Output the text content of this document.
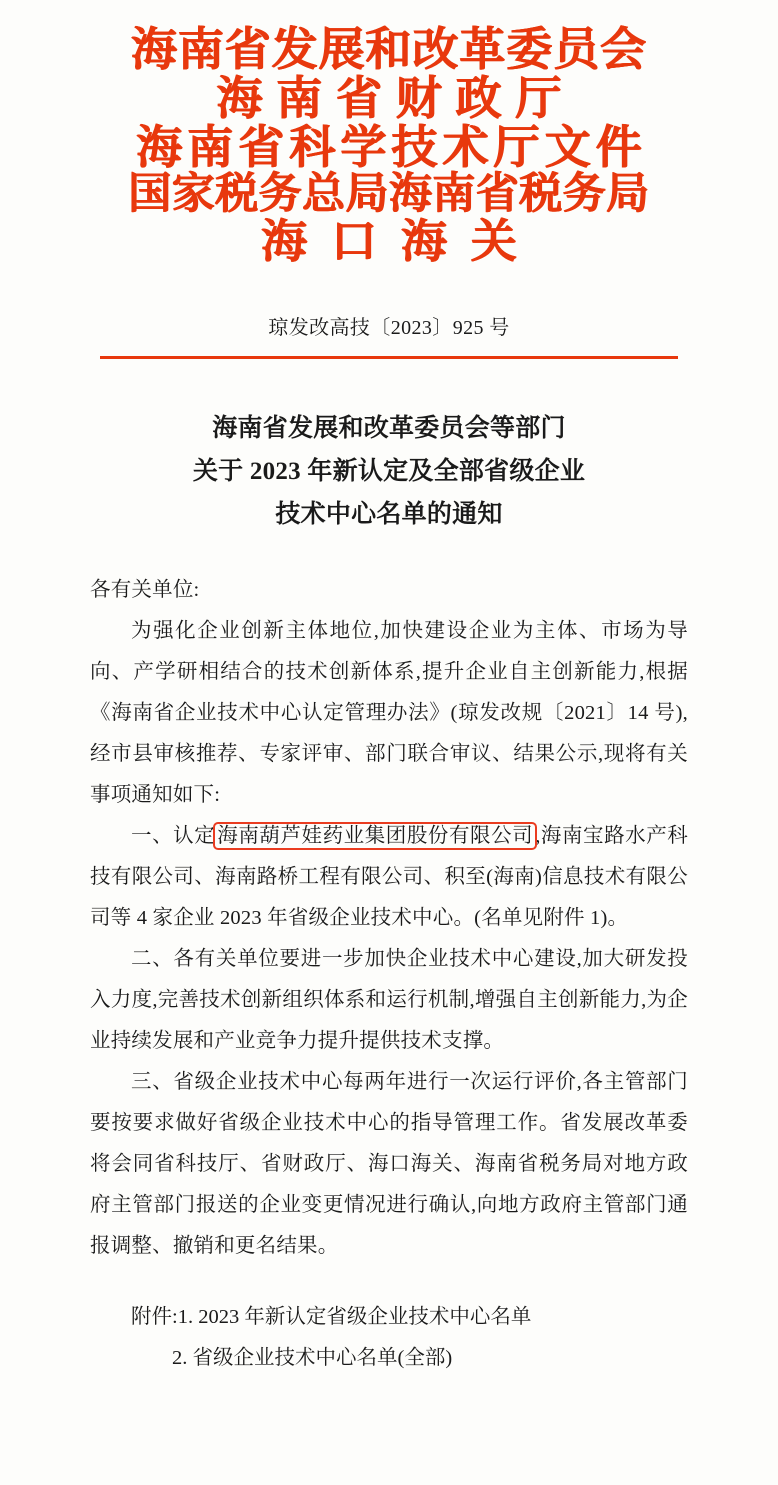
海南省发展和改革委员会
海南省财政厅
海南省科学技术厅文件
国家税务总局海南省税务局
海口海关
琼发改高技〔2023〕925 号
海南省发展和改革委员会等部门
关于 2023 年新认定及全部省级企业
技术中心名单的通知

各有关单位:

为强化企业创新主体地位,加快建设企业为主体、市场为导向、产学研相结合的技术创新体系,提升企业自主创新能力,根据《海南省企业技术中心认定管理办法》(琼发改规〔2021〕14 号),经市县审核推荐、专家评审、部门联合审议、结果公示,现将有关事项通知如下:

一、认定海南葫芦娃药业集团股份有限公司,海南宝路水产科技有限公司、海南路桥工程有限公司、积至(海南)信息技术有限公司等 4 家企业 2023 年省级企业技术中心。(名单见附件 1)。

二、各有关单位要进一步加快企业技术中心建设,加大研发投入力度,完善技术创新组织体系和运行机制,增强自主创新能力,为企业持续发展和产业竞争力提升提供技术支撑。

三、省级企业技术中心每两年进行一次运行评价,各主管部门要按要求做好省级企业技术中心的指导管理工作。省发展改革委将会同省科技厅、省财政厅、海口海关、海南省税务局对地方政府主管部门报送的企业变更情况进行确认,向地方政府主管部门通报调整、撤销和更名结果。

附件:1. 2023 年新认定省级企业技术中心名单
2. 省级企业技术中心名单(全部)
